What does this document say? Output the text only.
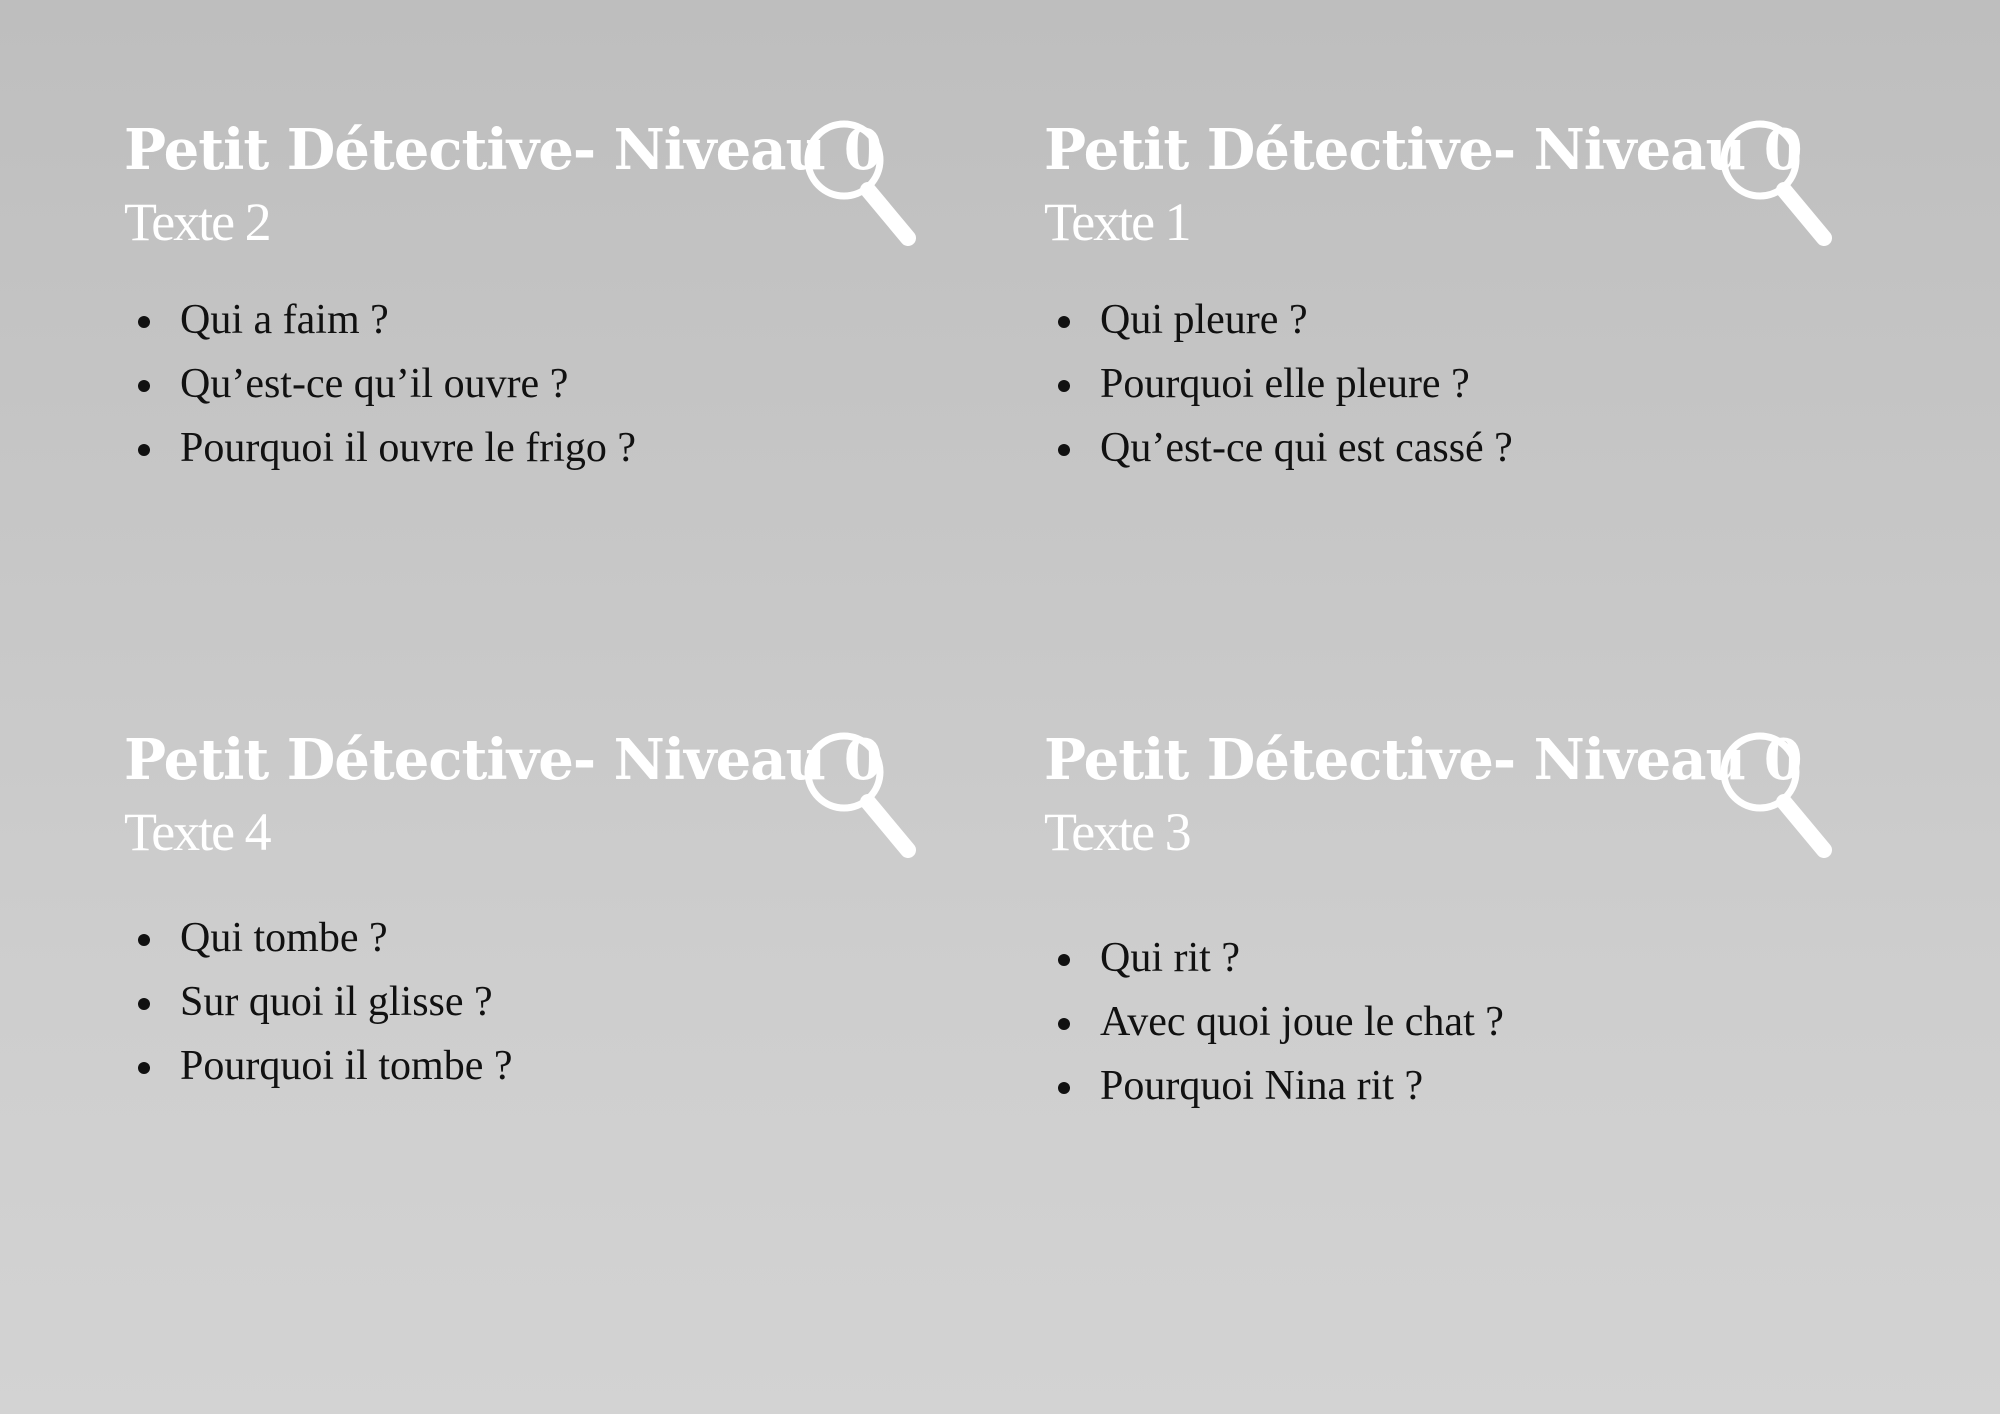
Petit Détective- Niveau 0
Texte 2
Qui a faim ?
Qu’est-ce qu’il ouvre ?
Pourquoi il ouvre le frigo ?
Petit Détective- Niveau 0
Texte 1
Qui pleure ?
Pourquoi elle pleure ?
Qu’est-ce qui est cassé ?
Petit Détective- Niveau 0
Texte 4
Qui tombe ?
Sur quoi il glisse ?
Pourquoi il tombe ?
Petit Détective- Niveau 0
Texte 3
Qui rit ?
Avec quoi joue le chat ?
Pourquoi Nina rit ?
